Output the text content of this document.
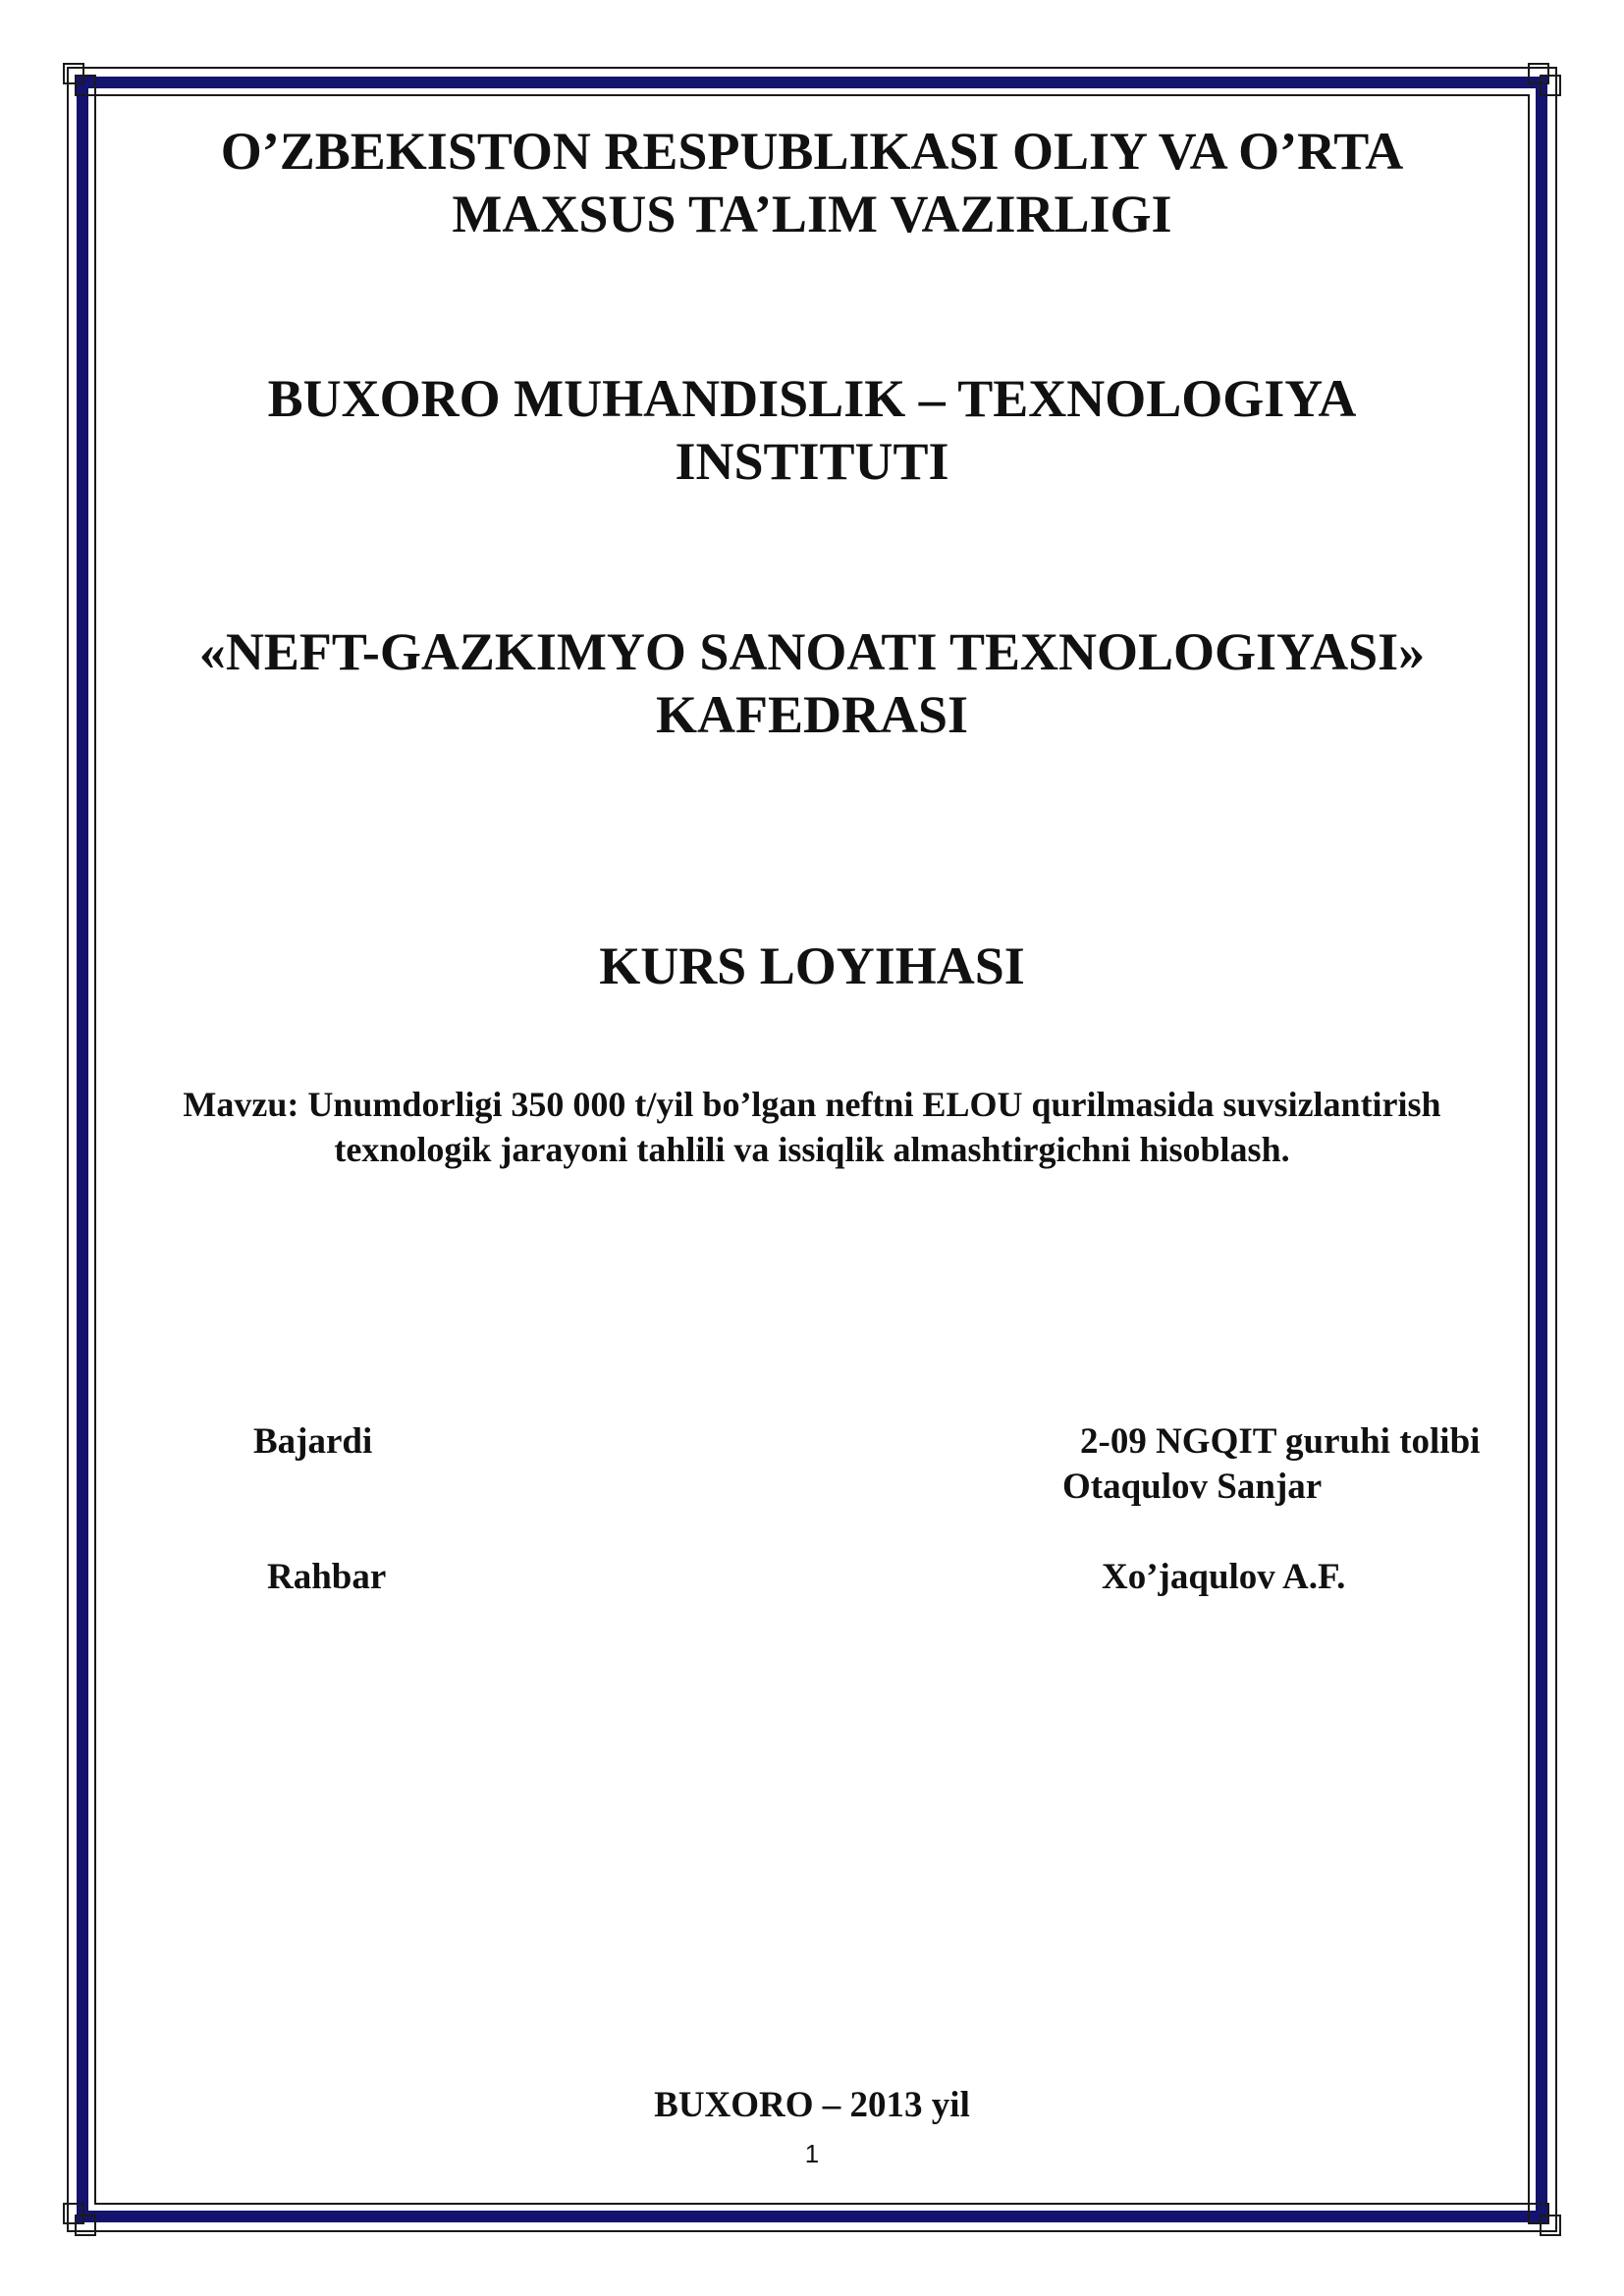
O’ZBEKISTON RESPUBLIKASI OLIY VA O’RTA
MAXSUS TA’LIM VAZIRLIGI
BUXORO MUHANDISLIK – TEXNOLOGIYA
INSTITUTI
«NEFT-GAZKIMYO SANOATI TEXNOLOGIYASI»
KAFEDRASI
KURS LOYIHASI
Mavzu: Unumdorligi 350 000 t/yil bo’lgan neftni ELOU qurilmasida suvsizlantirish
texnologik jarayoni tahlili va issiqlik almashtirgichni hisoblash.
Bajardi	2-09 NGQIT guruhi tolibi
Otaqulov Sanjar
Rahbar	Xo’jaqulov A.F.
BUXORO – 2013 yil
1
